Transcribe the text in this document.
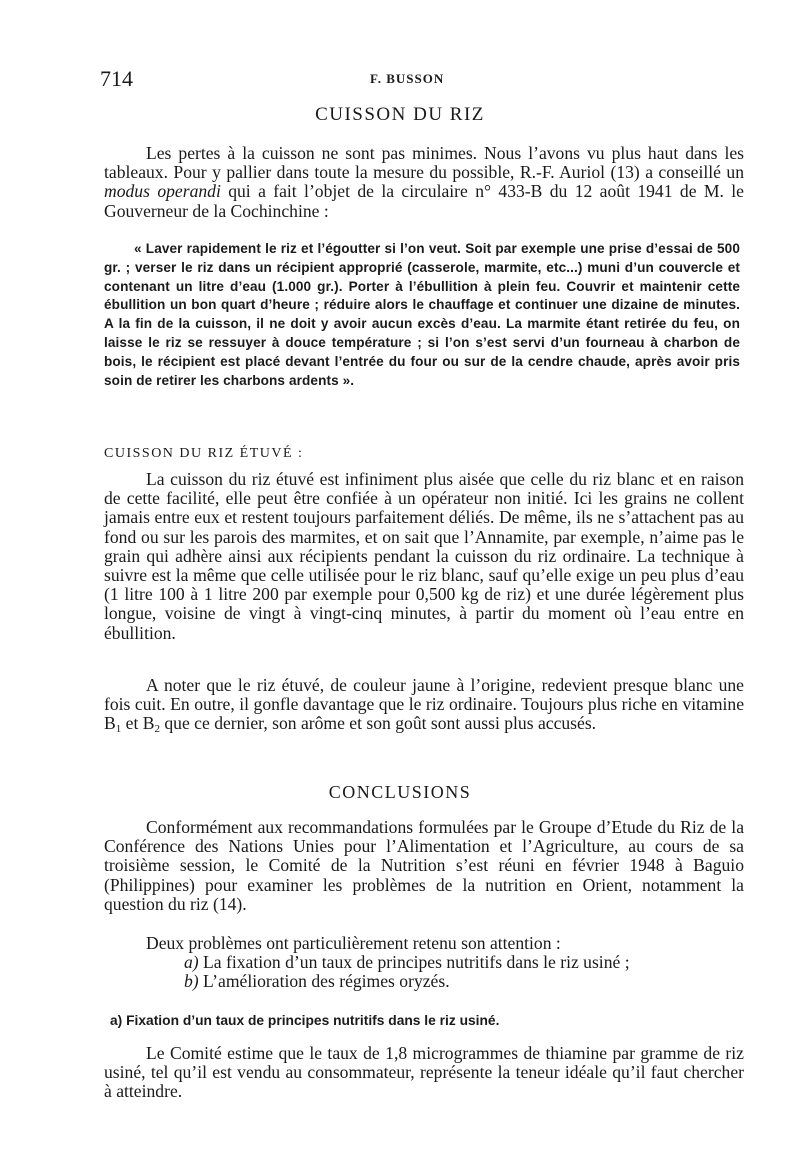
714	F. BUSSON
CUISSON DU RIZ

Les pertes à la cuisson ne sont pas minimes. Nous l’avons vu plus haut dans les tableaux. Pour y pallier dans toute la mesure du possible, R.-F. Auriol (13) a conseillé un modus operandi qui a fait l’objet de la circulaire n° 433-B du 12 août 1941 de M. le Gouverneur de la Cochinchine :

« Laver rapidement le riz et l’égoutter si l’on veut. Soit par exemple une prise d’essai de 500 gr. ; verser le riz dans un récipient approprié (casserole, marmite, etc...) muni d’un couvercle et contenant un litre d’eau (1.000 gr.). Porter à l’ébullition à plein feu. Couvrir et maintenir cette ébullition un bon quart d’heure ; réduire alors le chauffage et continuer une dizaine de minutes. A la fin de la cuisson, il ne doit y avoir aucun excès d’eau. La marmite étant retirée du feu, on laisse le riz se ressuyer à douce température ; si l’on s’est servi d’un fourneau à charbon de bois, le récipient est placé devant l’entrée du four ou sur de la cendre chaude, après avoir pris soin de retirer les charbons ardents ».

CUISSON DU RIZ ÉTUVÉ :

La cuisson du riz étuvé est infiniment plus aisée que celle du riz blanc et en raison de cette facilité, elle peut être confiée à un opérateur non initié. Ici les grains ne collent jamais entre eux et restent toujours parfaitement déliés. De même, ils ne s’attachent pas au fond ou sur les parois des marmites, et on sait que l’Annamite, par exemple, n’aime pas le grain qui adhère ainsi aux récipients pendant la cuisson du riz ordinaire. La technique à suivre est la même que celle utilisée pour le riz blanc, sauf qu’elle exige un peu plus d’eau (1 litre 100 à 1 litre 200 par exemple pour 0,500 kg de riz) et une durée légèrement plus longue, voisine de vingt à vingt-cinq minutes, à partir du moment où l’eau entre en ébullition.

A noter que le riz étuvé, de couleur jaune à l’origine, redevient presque blanc une fois cuit. En outre, il gonfle davantage que le riz ordinaire. Toujours plus riche en vitamine $B_1$ et $B_2$ que ce dernier, son arôme et son goût sont aussi plus accusés.

CONCLUSIONS

Conformément aux recommandations formulées par le Groupe d’Etude du Riz de la Conférence des Nations Unies pour l’Alimentation et l’Agriculture, au cours de sa troisième session, le Comité de la Nutrition s’est réuni en février 1948 à Baguio (Philippines) pour examiner les problèmes de la nutrition en Orient, notamment la question du riz (14).

Deux problèmes ont particulièrement retenu son attention :

a) La fixation d’un taux de principes nutritifs dans le riz usiné ;
b) L’amélioration des régimes oryzés.
a) Fixation d’un taux de principes nutritifs dans le riz usiné.

Le Comité estime que le taux de 1,8 microgrammes de thiamine par gramme de riz usiné, tel qu’il est vendu au consommateur, représente la teneur idéale qu’il faut chercher à atteindre.
